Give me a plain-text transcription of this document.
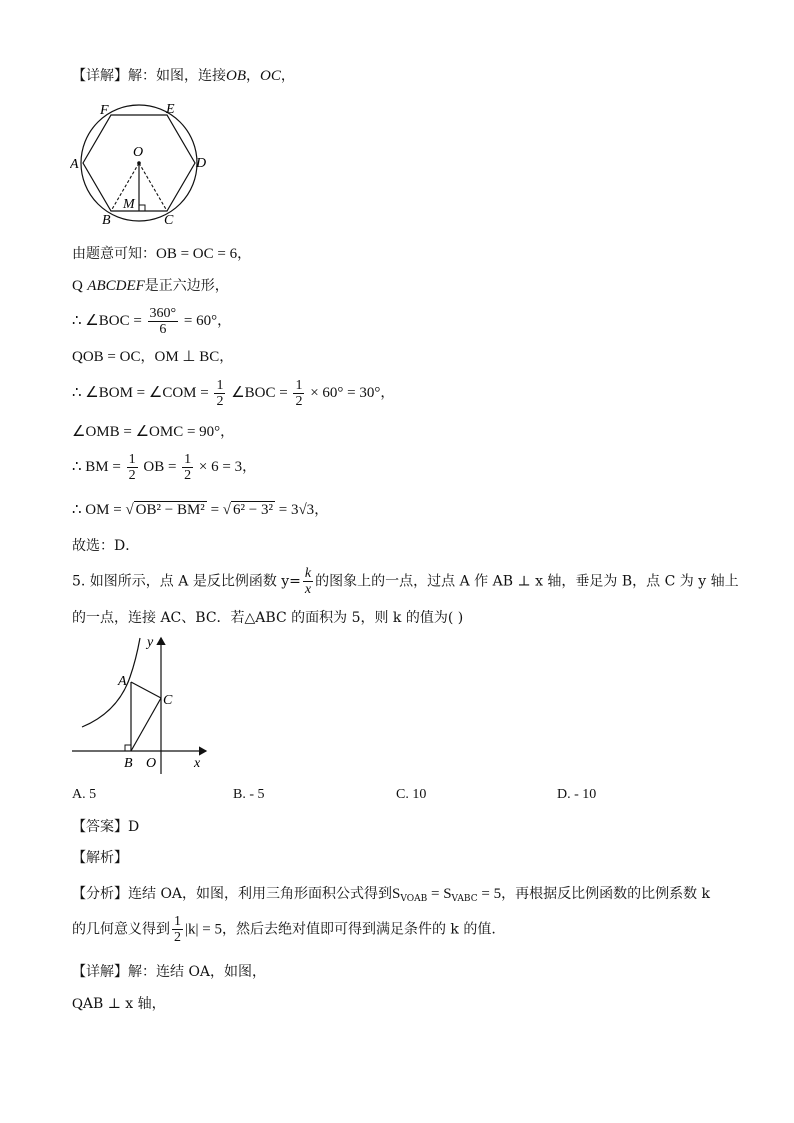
【详解】解：如图，连接OB，OC，
F	E
A
O
D
M
B	C
由题意可知：OB = OC = 6，
Q ABCDEF是正六边形，
∴ ∠BOC = $\frac{360^\circ}{6} = 60^\circ$，
QOB = OC，OM ⊥ BC，
∴ ∠BOM = ∠COM = $\frac{1}{2}$ ∠BOC = $\frac{1}{2} \times 60^\circ = 30^\circ$，
∠OMB = ∠OMC = 90°，
∴ BM = $\frac{1}{2}$ OB = $\frac{1}{2} \times 6 = 3$，
∴ OM = √ OB² − BM² = √ 6² − 3² = 3√3，
故选：D．
5. 如图所示，点 A 是反比例函数 $y= \frac{k}{x}$ 的图象上的一点，过点 A 作 AB ⊥ x 轴，垂足为 B，点 C 为 y 轴上
的一点，连接 AC、BC．若△ABC 的面积为 5，则 k 的值为( )
y
A
C
B O	x
A. 5	B. - 5	C. 10	D. - 10
【答案】D
【解析】
【分析】连结 OA，如图，利用三角形面积公式得到$S_{VOAB} = S_{VABC} = 5$，再根据反比例函数的比例系数 k
的几何意义得到 $\frac{1}{2} |k| = 5$，然后去绝对值即可得到满足条件的 k 的值.
【详解】解：连结 OA，如图，
QAB ⊥ x 轴，
